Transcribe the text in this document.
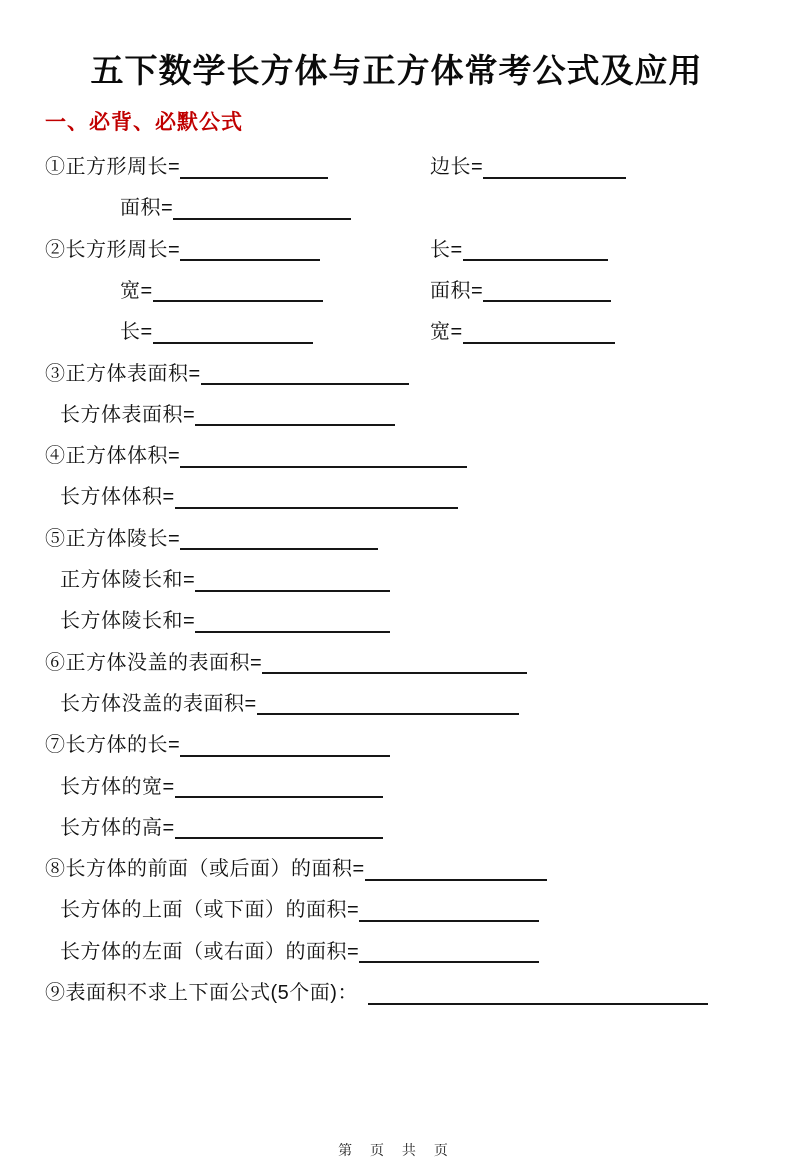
五下数学长方体与正方体常考公式及应用
一、必背、必默公式
①正方形周长=	边长=
面积=
②长方形周长=	长=
宽=	面积=
长=	宽=
③正方体表面积=
长方体表面积=
④正方体体积=
长方体体积=
⑤正方体陵长=
正方体陵长和=
长方体陵长和=
⑥正方体没盖的表面积=
长方体没盖的表面积=
⑦长方体的长=
长方体的宽=
长方体的高=
⑧长方体的前面（或后面）的面积=
长方体的上面（或下面）的面积=
长方体的左面（或右面）的面积=
⑨表面积不求上下面公式(5个面)：
第 页 共 页
